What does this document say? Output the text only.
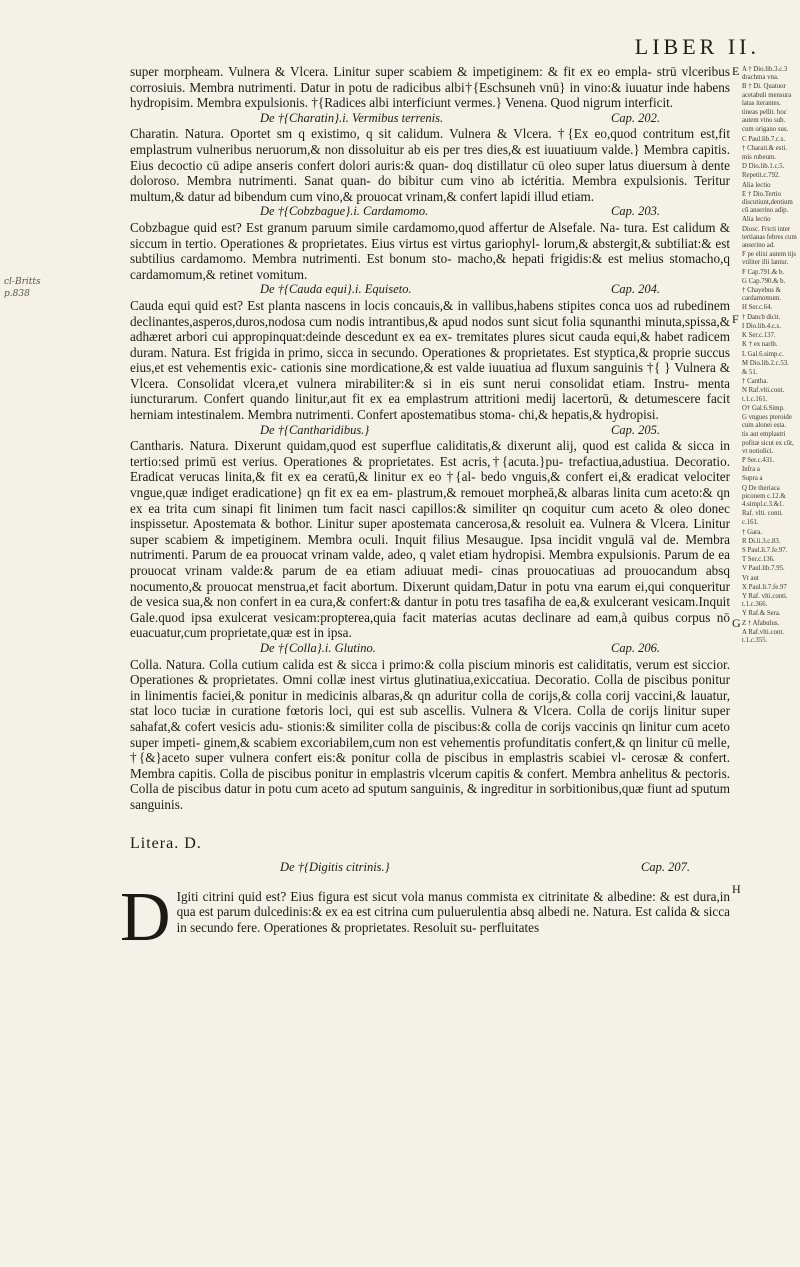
LIBER II.
cl-Britts
p.838

super morpheam. Vulnera & Vlcera. Linitur super scabiem & impetiginem: & fit ex eo empla- strū vlceribus corrosiuis. Membra nutrimenti. Datur in potu de radicibus albi†{Eschsuneh vnū} in vino:& iuuatur inde habens hydropisim. Membra expulsionis. †{Radices albi interficiunt vermes.} Venena. Quod nigrum interficit.

De †{Charatin}.i. Vermibus terrenis.	Cap. 202.

Charatin. Natura. Oportet sm q existimo, q sit calidum. Vulnera & Vlcera. †{Ex eo,quod contritum est,fit emplastrum vulneribus neruorum,& non dissoluitur ab eis per tres dies,& est iuuatiuum valde.} Membra capitis. Eius decoctio cū adipe anseris confert dolori auris:& quan- doq distillatur cū oleo super latus diuersum à dente doloroso. Membra nutrimenti. Sanat quan- do bibitur cum vino ab ictéritia. Membra expulsionis. Teritur multum,& datur ad bibendum cum vino,& prouocat vrinam,& confert lapidi illud etiam.

De †{Cobzbague}.i. Cardamomo.	Cap. 203.

Cobzbague quid est? Est granum paruum simile cardamomo,quod affertur de Alsefale. Na- tura. Est calidum & siccum in tertio. Operationes & proprietates. Eius virtus est virtus gariophyl- lorum,& abstergit,& subtiliat:& est subtilius cardamomo. Membra nutrimenti. Est bonum sto- macho,& hepati frigidis:& est melius stomacho,q cardamomum,& retinet vomitum.

De †{Cauda equi}.i. Equiseto.	Cap. 204.

Cauda equi quid est? Est planta nascens in locis concauis,& in vallibus,habens stipites conca uos ad rubedinem declinantes,asperos,duros,nodosa cum nodis intrantibus,& apud nodos sunt sicut folia squnanthi minuta,spissa,& adhæret arbori cui appropinquat:deinde descedunt ex ea ex- tremitates plures sicut cauda equi,& habet radicem duram. Natura. Est frigida in primo, sicca in secundo. Operationes & proprietates. Est styptica,& proprie succus eius,et est vehementis exic- cationis sine mordicatione,& est valde iuuatiua ad fluxum sanguinis †{ } Vulnera & Vlcera. Consolidat vlcera,et vulnera mirabiliter:& si in eis sunt nerui consolidat etiam. Instru- menta iuncturarum. Confert quando linitur,aut fit ex ea emplastrum attritioni medij lacertorū, & detumescere facit herniam intestinalem. Membra nutrimenti. Confert apostematibus stoma- chi,& hepatis,& hydropisi.

De †{Cantharidibus.}	Cap. 205.

Cantharis. Natura. Dixerunt quidam,quod est superflue caliditatis,& dixerunt alij, quod est calida & sicca in tertio:sed primū est verius. Operationes & proprietates. Est acris,†{acuta.}pu- trefactiua,adustiua. Decoratio. Eradicat verucas linita,& fit ex ea ceratū,& linitur ex eo †{al- bedo vnguis,& confert ei,& eradicat velociter vngue,quæ indiget eradicatione} qn fit ex ea em- plastrum,& remouet morpheā,& albaras linita cum aceto:& qn ex ea trita cum sinapi fit linimen tum facit nasci capillos:& similiter qn coquitur cum aceto & oleo donec inspissetur. Apostemata & bothor. Linitur super apostemata cancerosa,& resoluit ea. Vulnera & Vlcera. Linitur super scabiem & impetiginem. Membra oculi. Inquit filius Mesaugue. Ipsa incidit vngulā val de. Membra nutrimenti. Parum de ea prouocat vrinam valde, adeo, q valet etiam hydropisi. Membra expulsionis. Parum de ea prouocat vrinam valde:& parum de ea etiam adiuuat medi- cinas prouocatiuas ad prouocandum absq nocumento,& prouocat menstrua,et facit abortum. Dixerunt quidam,Datur in potu vna earum ei,qui conqueritur de vesica sua,& non confert in ea cura,& confert:& dantur in potu tres tasafiha de ea,& exulcerant vesicam.Inquit Gale.quod ipsa exulcerat vesicam:propterea,quia facit materias acutas declinare ad eam,à quibus corpus nō euacuatur,cum proprietate,quæ est in ipsa.

De †{Colla}.i. Glutino.	Cap. 206.

Colla. Natura. Colla cutium calida est & sicca i primo:& colla piscium minoris est caliditatis, verum est siccior. Operationes & proprietates. Omni collæ inest virtus glutinatiua,exiccatiua. Decoratio. Colla de piscibus ponitur in linimentis faciei,& ponitur in medicinis albaras,& qn aduritur colla de corijs,& colla corij vaccini,& lauatur, stat loco tuciæ in curatione fœtoris loci, qui est sub ascellis. Vulnera & Vlcera. Colla de corijs linitur super sahafat,& cofert vesicis adu- stionis:& similiter colla de piscibus:& colla de corijs vaccinis qn linitur cum aceto super impeti- ginem,& scabiem excoriabilem,cum non est vehementis profunditatis confert,& qn linitur cū melle, †{&}aceto super vulnera confert eis:& ponitur colla de piscibus in emplastris scabiei vl- cerosæ & confert. Membra capitis. Colla de piscibus ponitur in emplastris vlcerum capitis & confert. Membra anhelitus & pectoris. Colla de piscibus datur in potu cum aceto ad sputum sanguinis, & ingreditur in sorbitionibus,quæ fiunt ad sputum sanguinis.

Litera. D.

De †{Digitis citrinis.}	Cap. 207.
D Igiti citrini quid est? Eius figura est sicut vola manus commista ex citrinitate & albedine: & est dura,in qua est parum dulcedinis:& ex ea est citrina cum puluerulentia absq albedi ne. Natura. Est calida & sicca in secundo fere. Operationes & proprietates. Resoluit su- perfluitates

E
F
G
H
A † Dio.lib.3.c.3 drachma vna.
B † Di. Quatuor acetabuli mensura latas iterantes.
tineas pellit. hoc autem vino sub.
cum origano sus.
C Paul.lib.7.c.s.
† Charati.& esti.
mis rubeum.
D Dio.lib.1.c.5.
Repetit.c.792.
Alia lectio
E † Dio.Tertio discutiunt,dentium cū anserino adip.
Alia lectio
Diosc. Fricti inter tertianas febres cum anserino ad.
F pe elixi autem tijs vtiliter illi lantur.
F Cap.791.& b.
G Cap.790.& b.
† Chayebus & cardamomum.
H Ser.c.64.
† Dancb dicit.
I Dio.lib.4.c.s.
K Ser.c.137.
K † ex narib.
L Gal.6.simp.c.
M Dio.lib.2.c.53.
& 51.
† Cantha.
N Raf.vlti.cont. t.1.c.161.
O† Gal.6.Simp.
G vngues pteroide cum alonei esta.
tis aut emplastri pofitæ sicut ex cūt, vt notiolici.
P Ser.c.431.
Infra a
Supra a
Q De theriaca piconem c.12.& 4.simpl.c.3.&1.
Raf. vlti. conti.
c.161.
† Gara.
R Di.li.3.c.83.
S Paul.li.7.fe.97.
T Ser.c.136.
V Paul.lib.7.95.
Vt aut
X Paul.li.7.fe.97
Y Raf. vlti.conti. t.1.c.366.
Y Raf.& Sera.
Z † Afabulus.
A Raf.vlti.cont. t.1.c.355.
